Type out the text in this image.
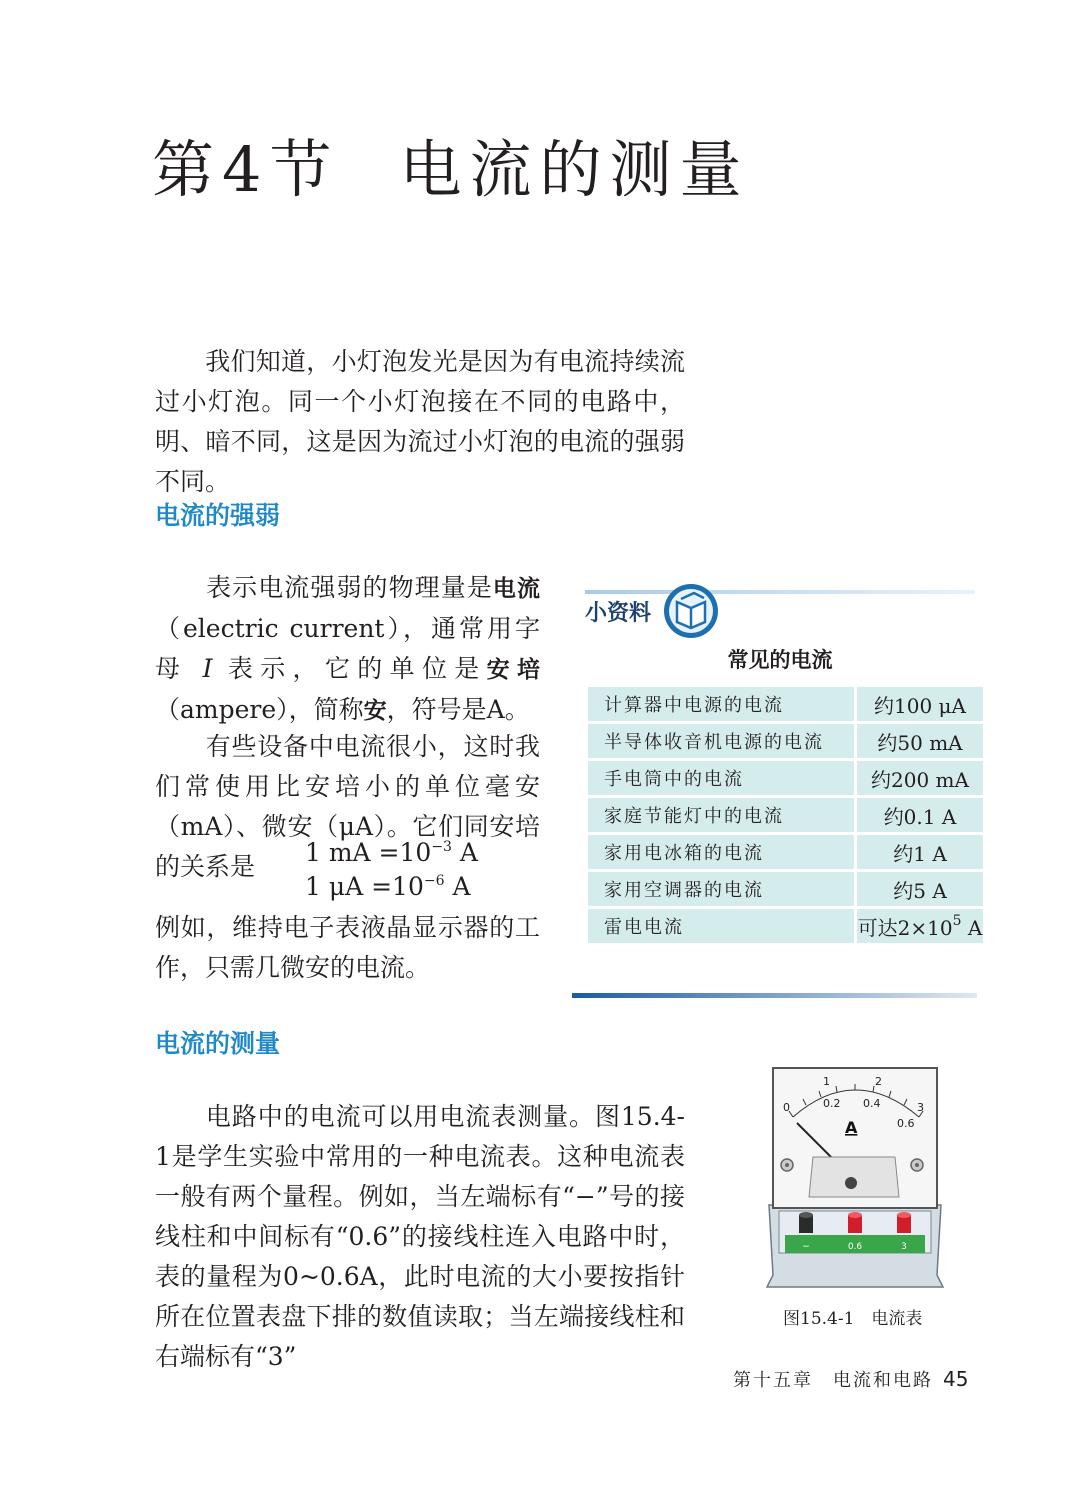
第4节 电流的测量
我们知道，小灯泡发光是因为有电流持续流过小灯泡。同一个小灯泡接在不同的电路中，明、暗不同，这是因为流过小灯泡的电流的强弱不同。
电流的强弱
表示电流强弱的物理量是电流（electric current），通常用字母 I 表示，它的单位是安培（ampere），简称安，符号是A。
有些设备中电流很小，这时我们常使用比安培小的单位毫安（mA）、微安（μA）。它们同安培的关系是	1 mA $=10^{-3}$ A
1 $\mu A =10^{-6}$ A
例如，维持电子表液晶显示器的工作，只需几微安的电流。
小资料
常见的电流
计算器中电源的电流	约100 μA
半导体收音机电源的电流	约50 mA
手电筒中的电流	约200 mA
家庭节能灯中的电流	约0.1 A
家用电冰箱的电流	约1 A
家用空调器的电流	约5 A
雷电电流	可达$2\times 10^5$ A
电流的测量
电路中的电流可以用电流表测量。图15.4-1是学生实验中常用的一种电流表。这种电流表一般有两个量程。例如，当左端标有“−”号的接线柱和中间标有“0.6”的接线柱连入电路中时，表的量程为0~0.6A，此时电流的大小要按指针所在位置表盘下排的数值读取；当左端接线柱和右端标有“3”
0
1	2
3
0.2 0.4
0.6
A
−	0.6	3
图15.4-1　电流表
第十五章　电流和电路 45
